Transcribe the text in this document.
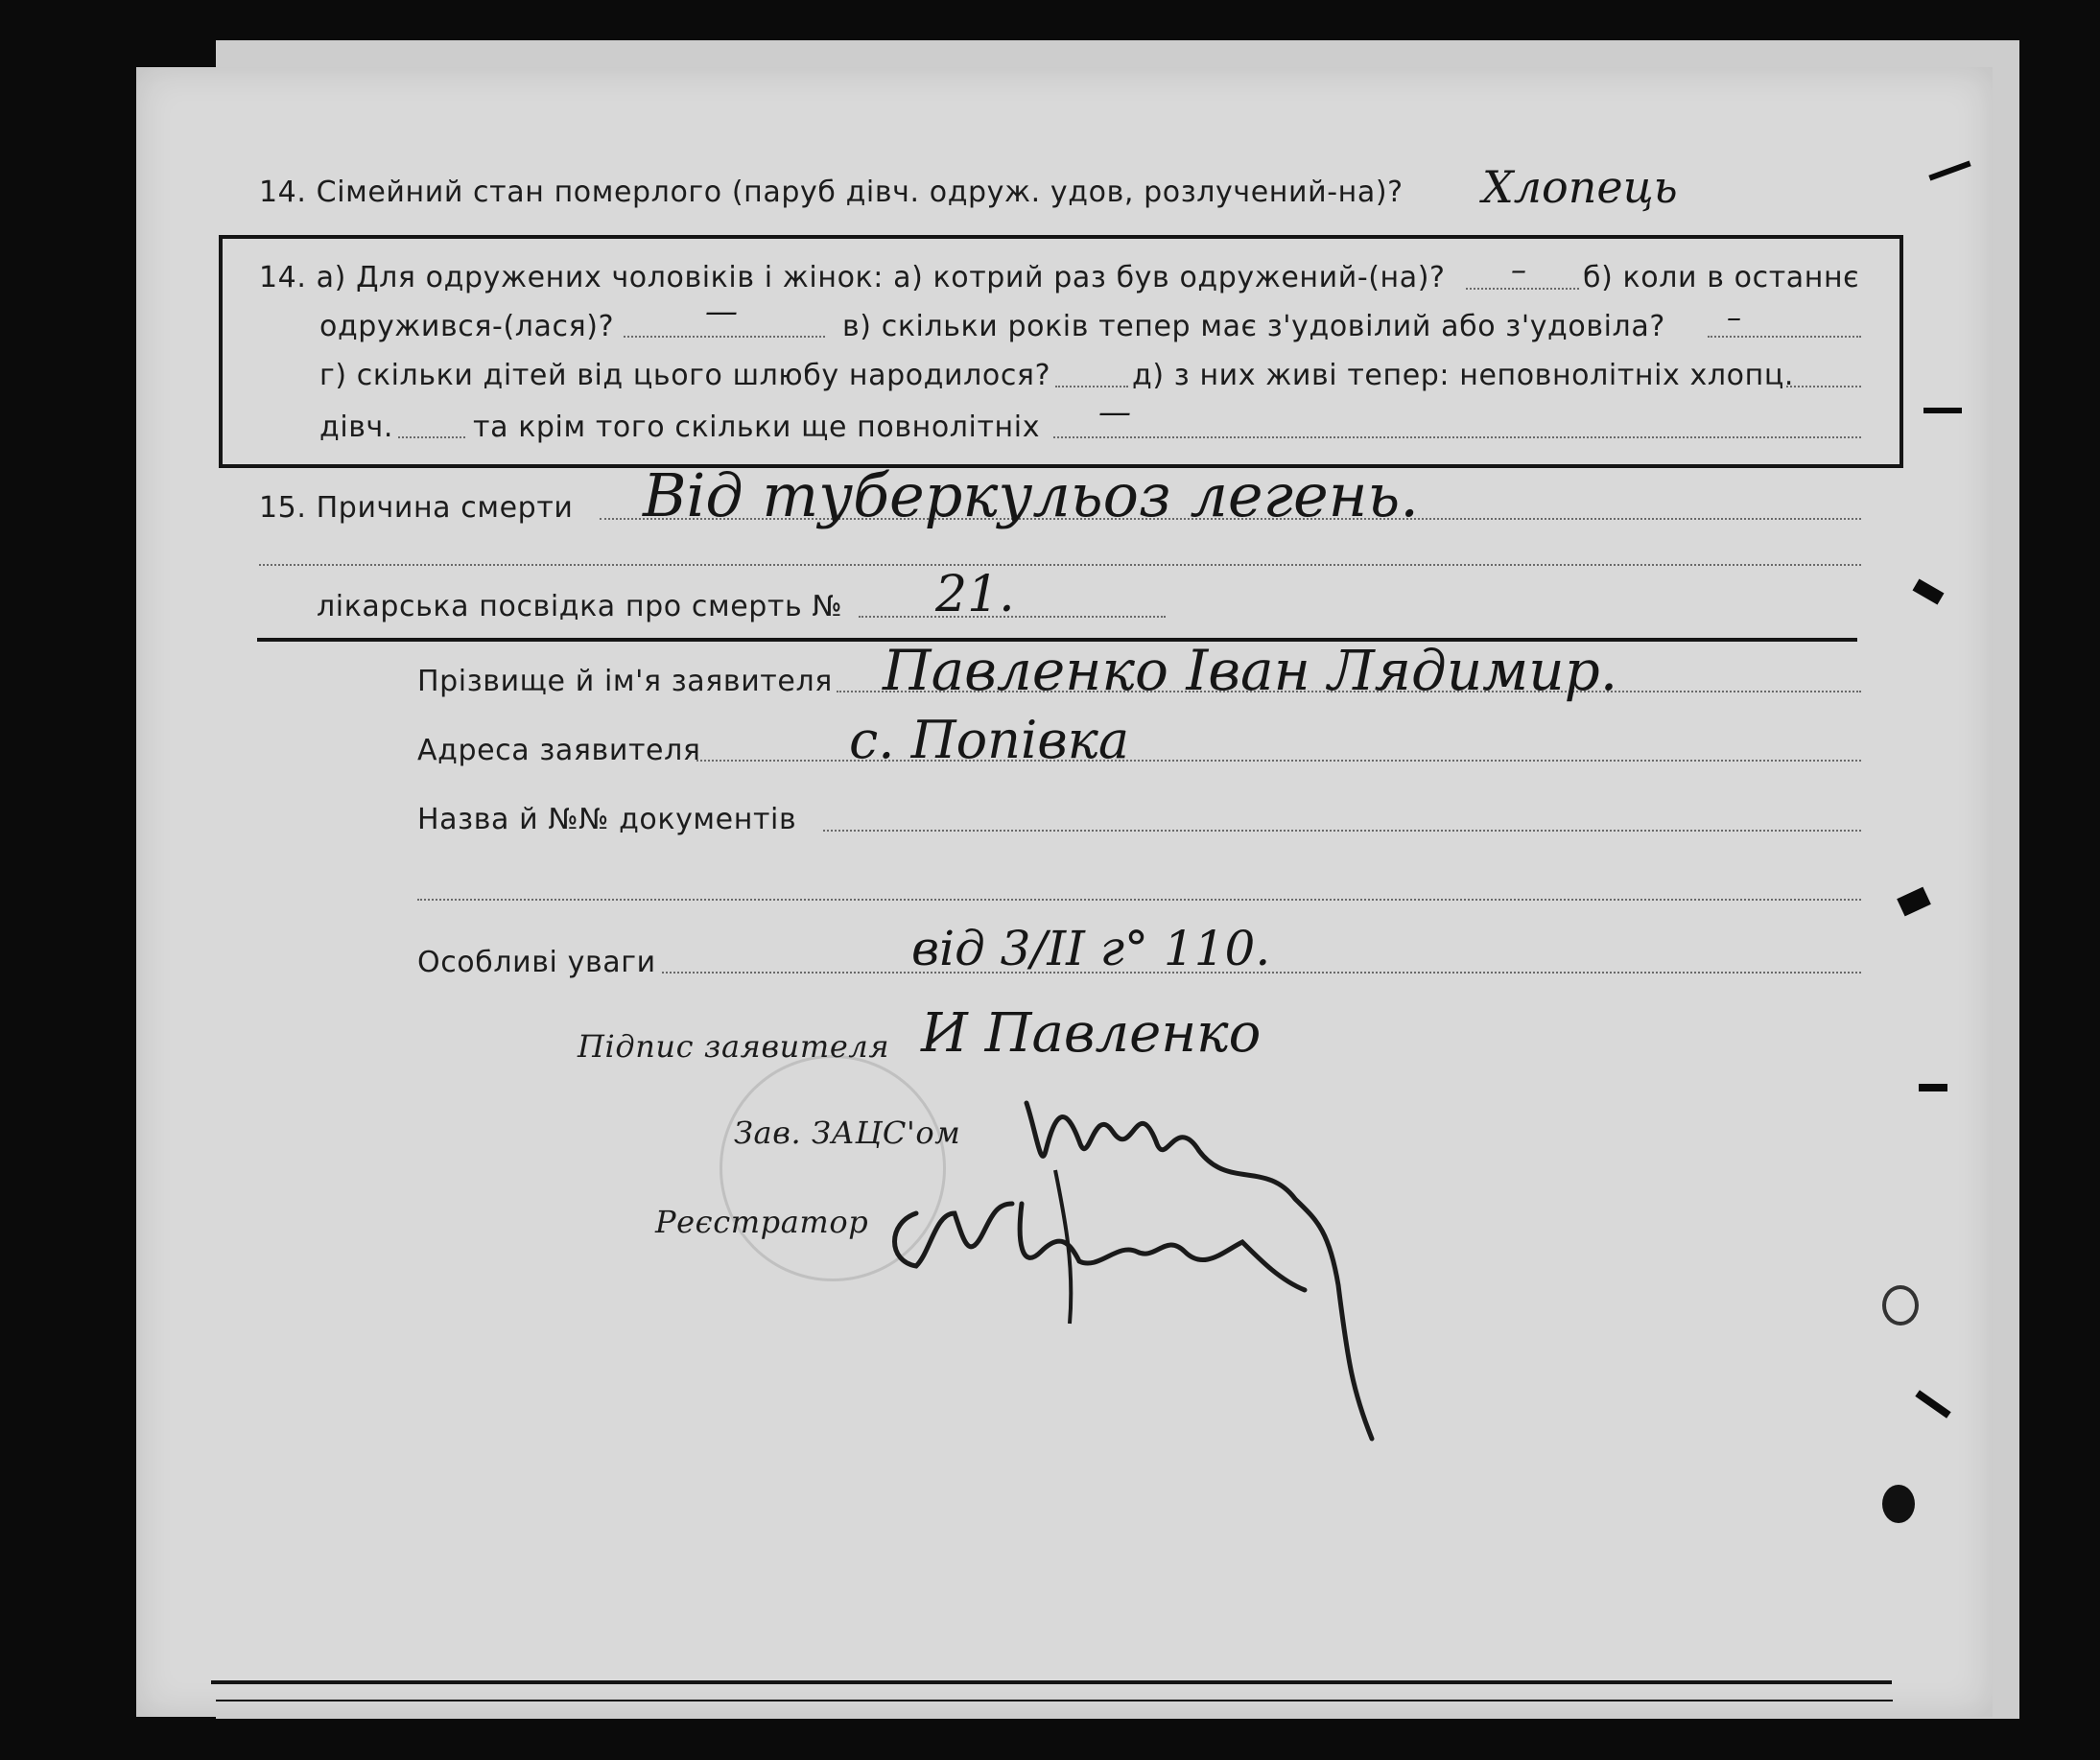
14. Сімейний стан померлого (паруб дівч. одруж. удов, розлучений-на)? Хлопець
14. а) Для одружених чоловіків і жінок: а) котрий раз був одружений-(на)? – б) коли в останнє
одружився-(лася)?	—	в) скільки років тепер має з'удовілий або з'удовіла? –
г) скільки дітей від цього шлюбу народилося?	д) з них живі тепер: неповнолітніх хлопц.
дівч.	та крім того скільки ще повнолітніх —
15. Причина смерти Від туберкульоз легень.
лікарська посвідка про смерть № 21.
Прізвище й ім'я заявителя Павленко Іван Лядимир.
Адреса заявителя	с. Попівка
Назва й №№ документів
Особливі уваги	від 3/ІІ г° 110.
Підпис заявителя И Павленко
Зав. ЗАЦС'ом
Реєстратор
